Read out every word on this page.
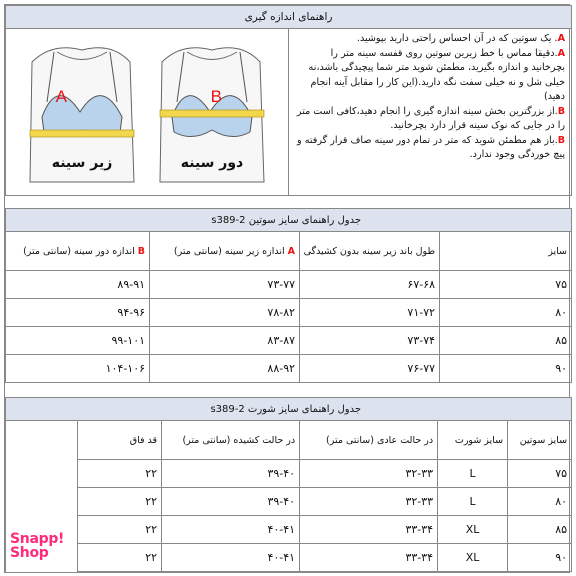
راهنمای اندازه گیری

A. یک سوتین که در آن احساس راحتی دارید بپوشید.

A.دقیقا مماس با خط زیرین سوتین روی قفسه سینه متر را بچرخانید و اندازه بگیرید، مطمئن شوید متر شما پیچیدگی باشد،نه خیلی شل و نه خیلی سفت نگه دارید.(این کار را مقابل آینه انجام دهید)

B.از بزرگترین بخش سینه اندازه گیری را انجام دهید،کافی است متر را در جایی که نوک سینه قرار دارد بچرخانید.

B.باز هم مطمئن شوید که متر در تمام دور سینه صاف قرار گرفته و پیچ خوردگی وجود ندارد.

A
زیر سینه
B
دور سینه
جدول راهنمای سایز سوتین s389-2			
سایز	طول باند زیر سینه بدون کشیدگی	A اندازه زیر سینه (سانتی متر)	B اندازه دور سینه (سانتی متر)
۷۵	۶۷-۶۸	۷۳-۷۷	۸۹-۹۱
۸۰	۷۱-۷۲	۷۸-۸۲	۹۴-۹۶
۸۵	۷۳-۷۴	۸۳-۸۷	۹۹-۱۰۱
۹۰	۷۶-۷۷	۸۸-۹۲	۱۰۴-۱۰۶
جدول راهنمای سایز شورت s389-2					
سایز سوتین	سایز شورت	در حالت عادی (سانتی متر)	در حالت کشیده (سانتی متر)	قد فاق	
۷۵	L	۳۲-۳۳	۳۹-۴۰	۲۲	
۸۰	L	۳۲-۳۳	۳۹-۴۰	۲۲	
۸۵	XL	۳۳-۳۴	۴۰-۴۱	۲۲	
۹۰	XL	۳۳-۳۴	۴۰-۴۱	۲۲	
Snapp!
Shop
